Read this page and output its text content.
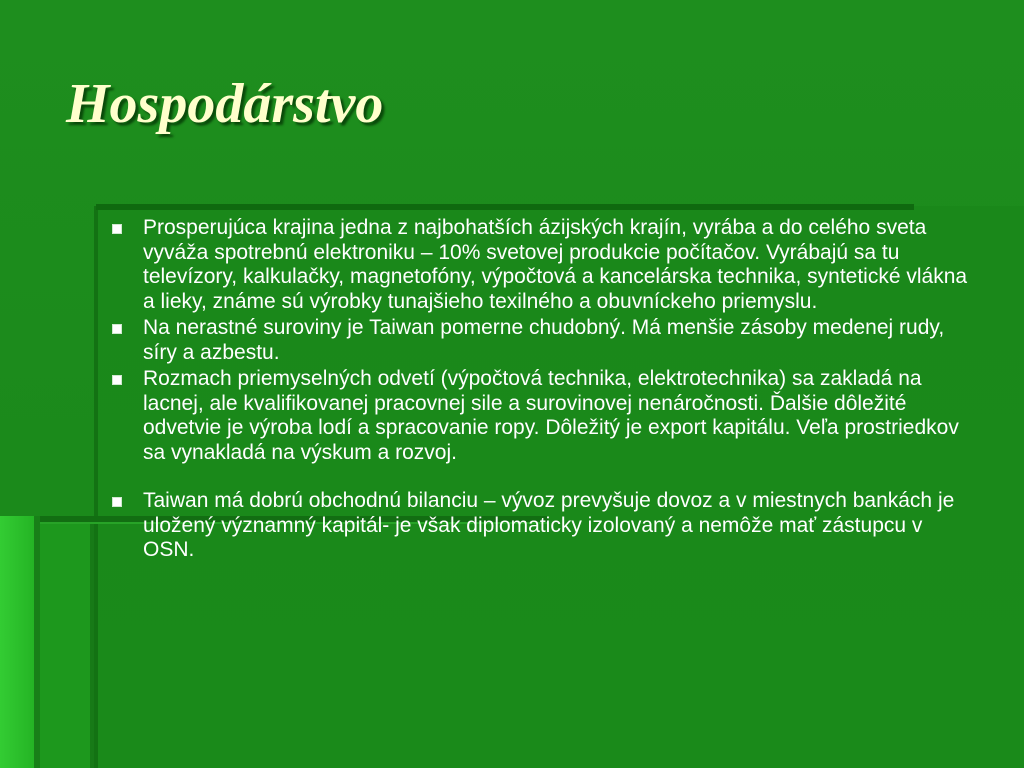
Hospodárstvo
Prosperujúca krajina jedna z najbohatších ázijských krajín, vyrába a do celého sveta vyváža spotrebnú elektroniku – 10% svetovej produkcie počítačov. Vyrábajú sa tu televízory, kalkulačky, magnetofóny, výpočtová a kancelárska technika, syntetické vlákna a lieky, známe sú výrobky tunajšieho texilného a obuvníckeho priemyslu.
Na nerastné suroviny je Taiwan pomerne chudobný. Má menšie zásoby medenej rudy, síry a azbestu.
Rozmach priemyselných odvetí (výpočtová technika, elektrotechnika) sa zakladá na lacnej, ale kvalifikovanej pracovnej sile a surovinovej nenáročnosti. Ďalšie dôležité odvetvie je výroba lodí a spracovanie ropy. Dôležitý je export kapitálu. Veľa prostriedkov sa vynakladá na výskum a rozvoj.
Taiwan má dobrú obchodnú bilanciu – vývoz prevyšuje dovoz a v miestnych bankách je uložený významný kapitál- je však diplomaticky izolovaný a nemôže mať zástupcu v OSN.
